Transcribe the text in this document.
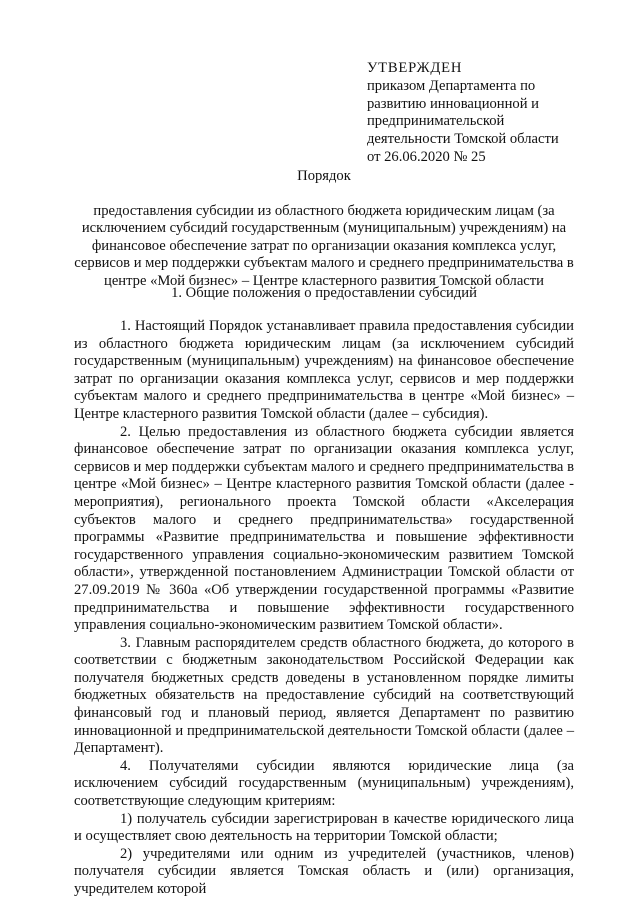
УТВЕРЖДЕН
приказом Департамента по
развитию инновационной и
предпринимательской
деятельности Томской области
от 26.06.2020 № 25
Порядок
предоставления субсидии из областного бюджета юридическим лицам (за исключением субсидий государственным (муниципальным) учреждениям) на финансовое обеспечение затрат по организации оказания комплекса услуг, сервисов и мер поддержки субъектам малого и среднего предпринимательства в центре «Мой бизнес» – Центре кластерного развития Томской области
1. Общие положения о предоставлении субсидий

1. Настоящий Порядок устанавливает правила предоставления субсидии из областного бюджета юридическим лицам (за исключением субсидий государственным (муниципальным) учреждениям) на финансовое обеспечение затрат по организации оказания комплекса услуг, сервисов и мер поддержки субъектам малого и среднего предпринимательства в центре «Мой бизнес» – Центре кластерного развития Томской области (далее – субсидия).

2. Целью предоставления из областного бюджета субсидии является финансовое обеспечение затрат по организации оказания комплекса услуг, сервисов и мер поддержки субъектам малого и среднего предпринимательства в центре «Мой бизнес» – Центре кластерного развития Томской области (далее - мероприятия), регионального проекта Томской области «Акселерация субъектов малого и среднего предпринимательства» государственной программы «Развитие предпринимательства и повышение эффективности государственного управления социально-экономическим развитием Томской области», утвержденной постановлением Администрации Томской области от 27.09.2019 № 360а «Об утверждении государственной программы «Развитие предпринимательства и повышение эффективности государственного управления социально-экономическим развитием Томской области».

3. Главным распорядителем средств областного бюджета, до которого в соответствии с бюджетным законодательством Российской Федерации как получателя бюджетных средств доведены в установленном порядке лимиты бюджетных обязательств на предоставление субсидий на соответствующий финансовый год и плановый период, является Департамент по развитию инновационной и предпринимательской деятельности Томской области (далее – Департамент).

4. Получателями субсидии являются юридические лица (за исключением субсидий государственным (муниципальным) учреждениям), соответствующие следующим критериям:

1) получатель субсидии зарегистрирован в качестве юридического лица и осуществляет свою деятельность на территории Томской области;

2) учредителями или одним из учредителей (участников, членов) получателя субсидии является Томская область и (или) организация, учредителем которой
